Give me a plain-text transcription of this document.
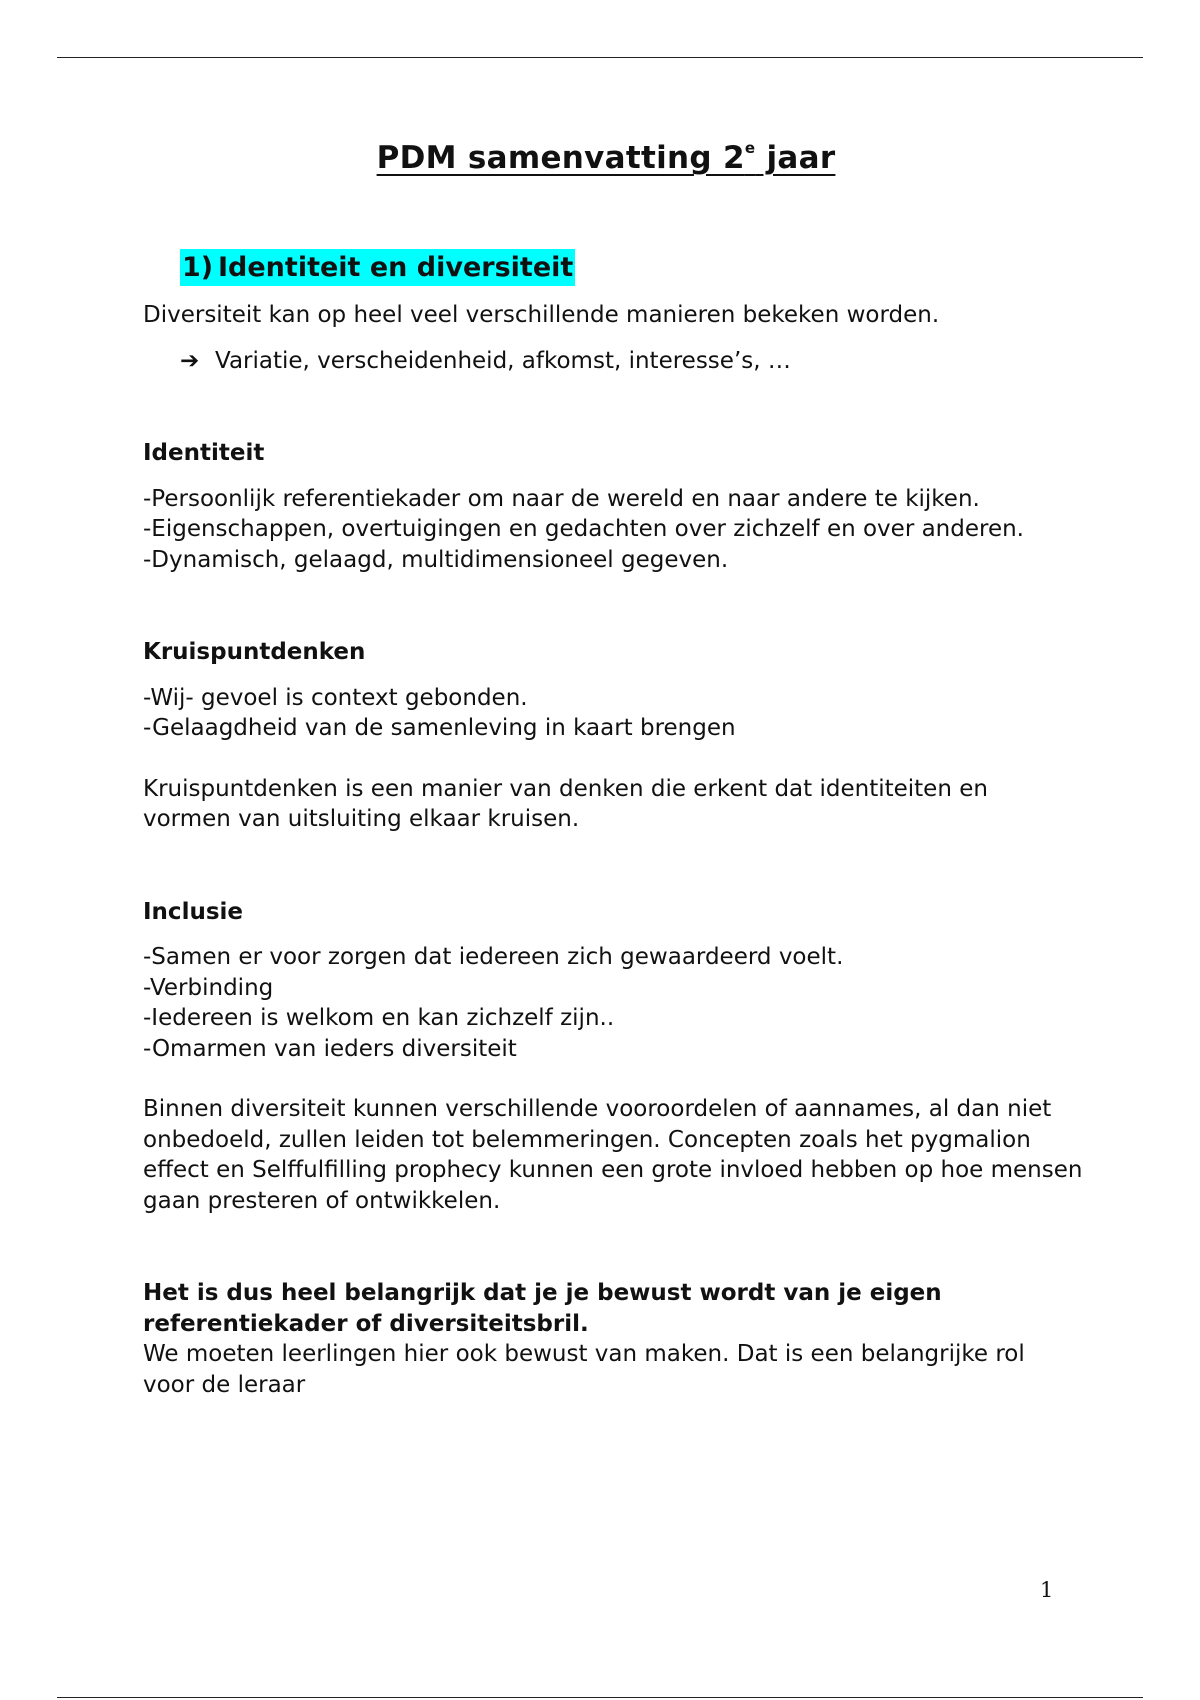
PDM samenvatting 2e jaar
1) Identiteit en diversiteit

Diversiteit kan op heel veel verschillende manieren bekeken worden.

➔ Variatie, verscheidenheid, afkomst, interesse’s, …

Identiteit

-Persoonlijk referentiekader om naar de wereld en naar andere te kijken.

-Eigenschappen, overtuigingen en gedachten over zichzelf en over anderen.

-Dynamisch, gelaagd, multidimensioneel gegeven.

Kruispuntdenken

-Wij- gevoel is context gebonden.

-Gelaagdheid van de samenleving in kaart brengen

Kruispuntdenken is een manier van denken die erkent dat identiteiten en vormen van uitsluiting elkaar kruisen.

Inclusie

-Samen er voor zorgen dat iedereen zich gewaardeerd voelt.

-Verbinding

-Iedereen is welkom en kan zichzelf zijn..

-Omarmen van ieders diversiteit

Binnen diversiteit kunnen verschillende vooroordelen of aannames, al dan niet onbedoeld, zullen leiden tot belemmeringen. Concepten zoals het pygmalion effect en Selffulfilling prophecy kunnen een grote invloed hebben op hoe mensen gaan presteren of ontwikkelen.

Het is dus heel belangrijk dat je je bewust wordt van je eigen referentiekader of diversiteitsbril.

We moeten leerlingen hier ook bewust van maken. Dat is een belangrijke rol voor de leraar

1
